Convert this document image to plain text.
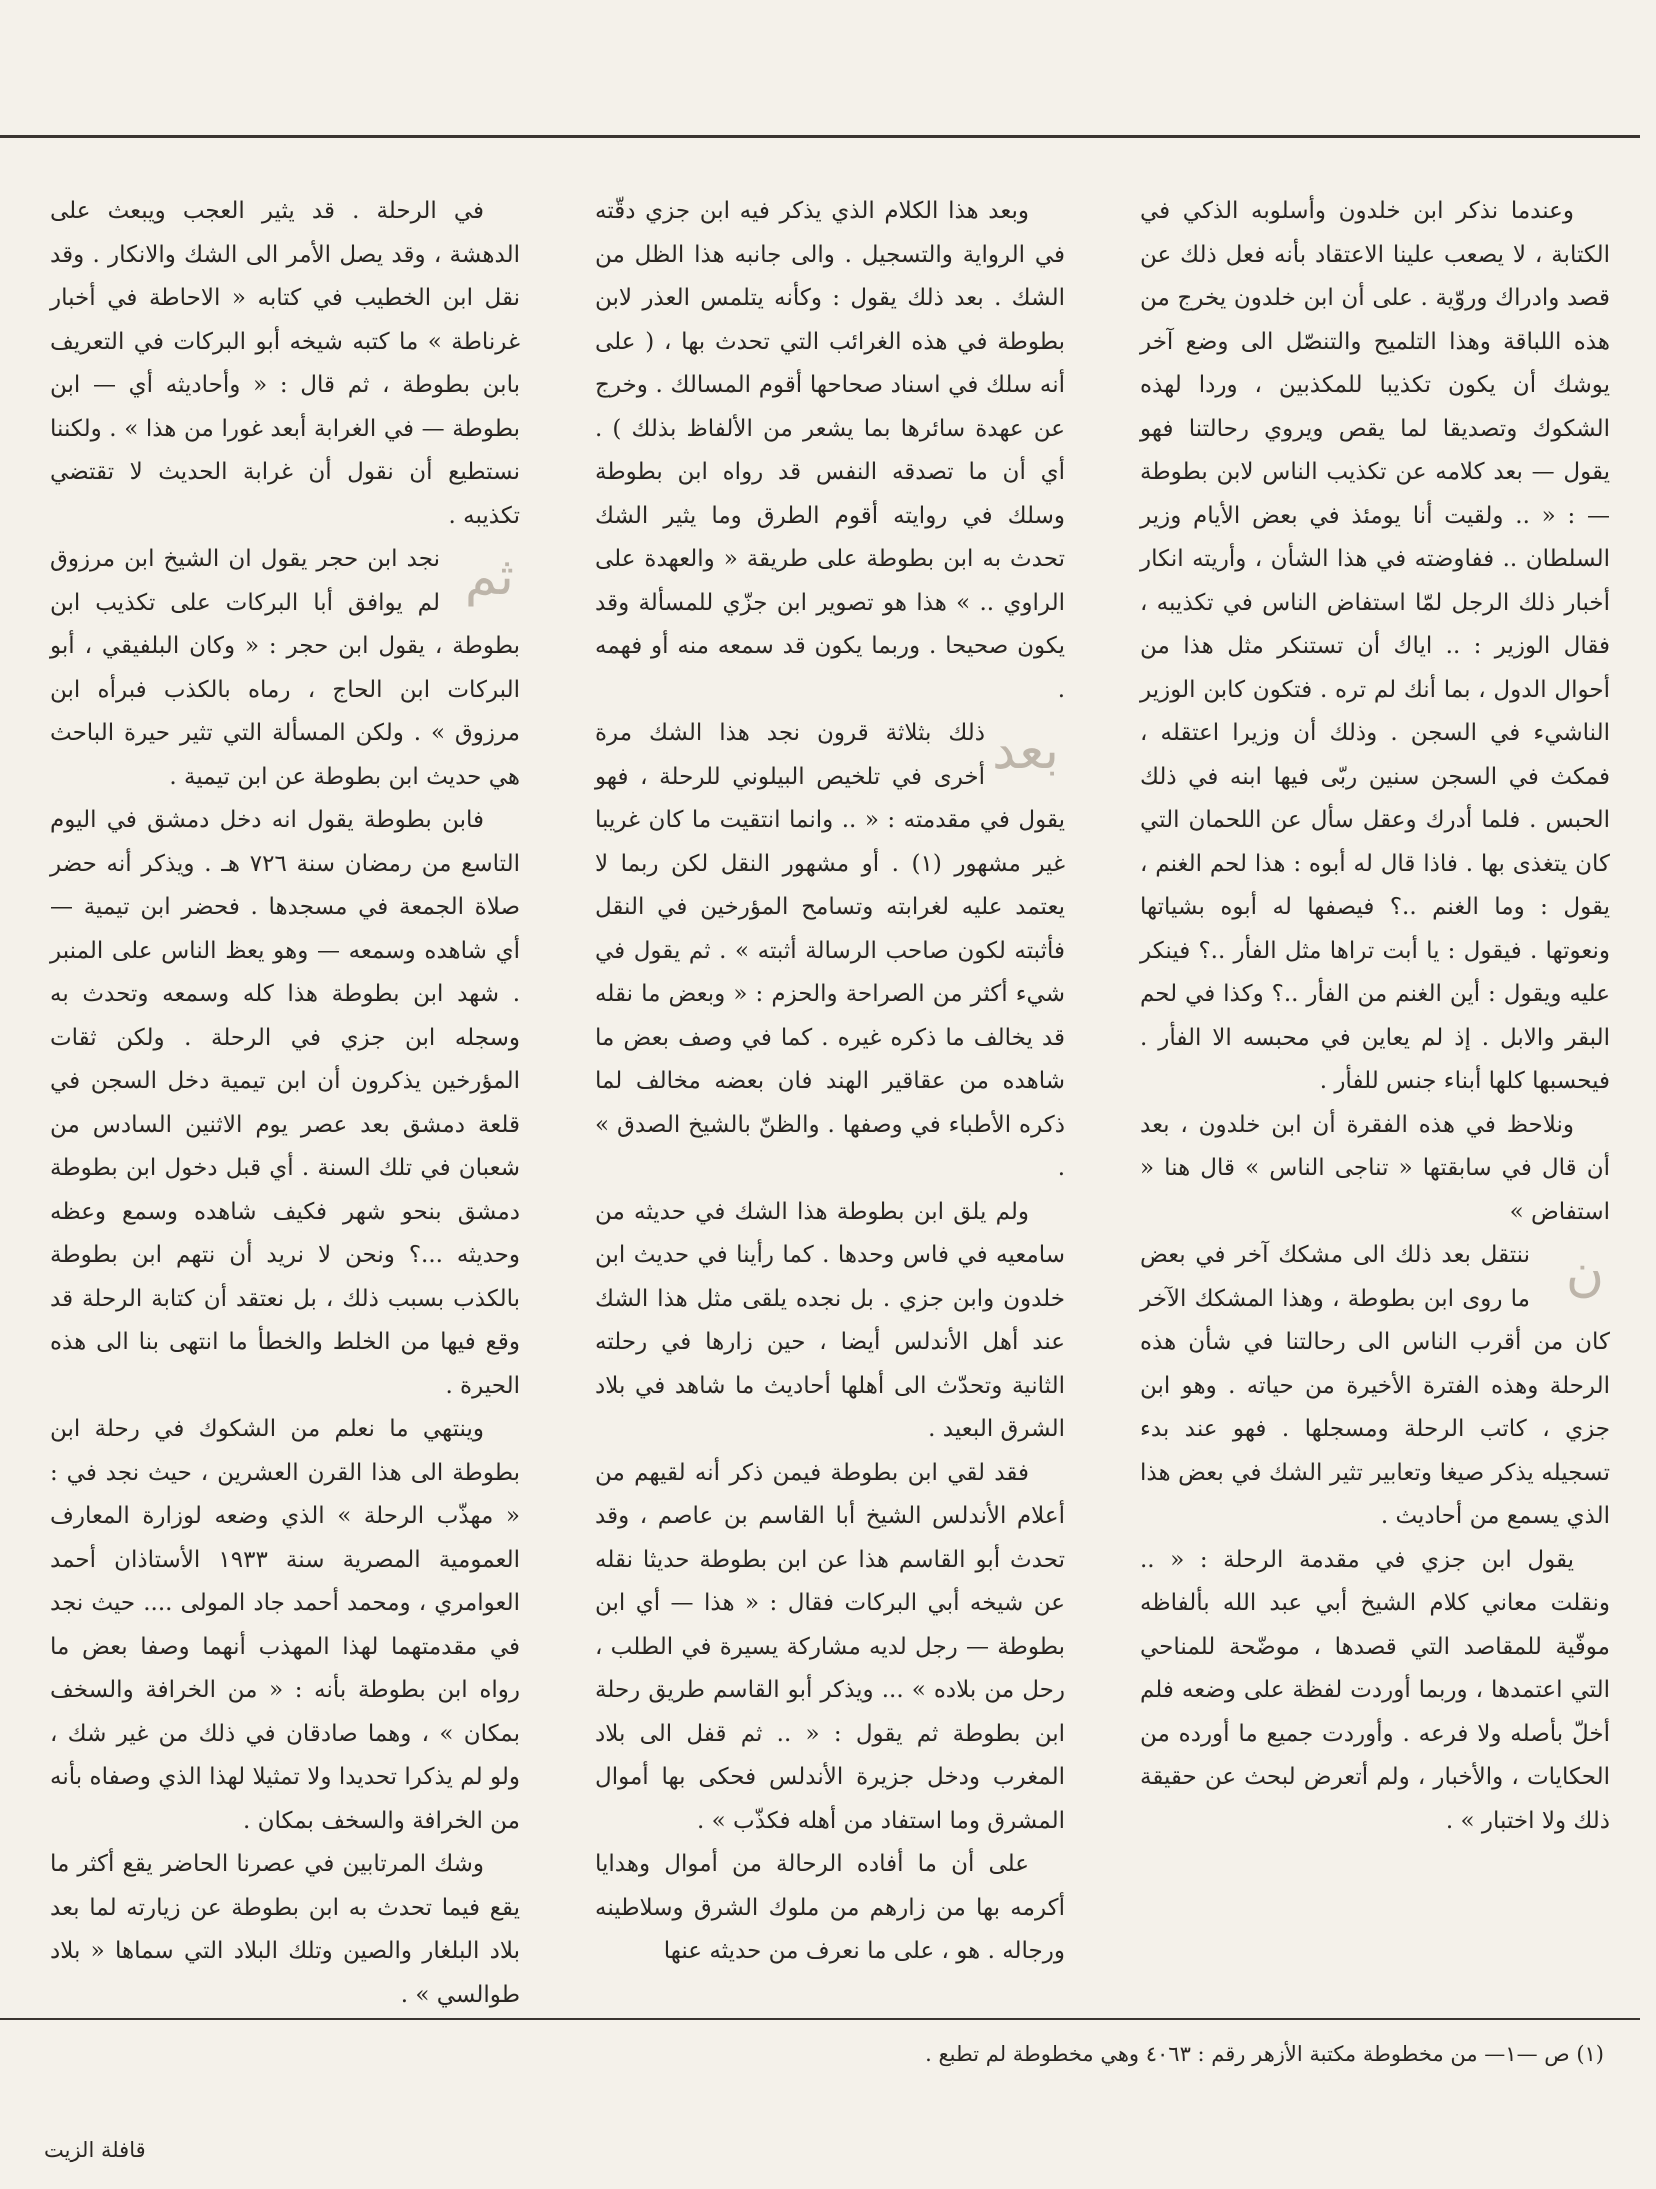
وعندما نذكر ابن خلدون وأسلوبه الذكي في الكتابة ، لا يصعب علينا الاعتقاد بأنه فعل ذلك عن قصد وادراك وروّية . على أن ابن خلدون يخرج من هذه اللباقة وهذا التلميح والتنصّل الى وضع آخر يوشك أن يكون تكذيبا للمكذبين ، وردا لهذه الشكوك وتصديقا لما يقص ويروي رحالتنا فهو يقول — بعد كلامه عن تكذيب الناس لابن بطوطة — : « .. ولقيت أنا يومئذ في بعض الأيام وزير السلطان .. ففاوضته في هذا الشأن ، وأريته انكار أخبار ذلك الرجل لمّا استفاض الناس في تكذيبه ، فقال الوزير : .. اياك أن تستنكر مثل هذا من أحوال الدول ، بما أنك لم تره . فتكون كابن الوزير الناشيء في السجن . وذلك أن وزيرا اعتقله ، فمكث في السجن سنين ربّى فيها ابنه في ذلك الحبس . فلما أدرك وعقل سأل عن اللحمان التي كان يتغذى بها . فاذا قال له أبوه : هذا لحم الغنم ، يقول : وما الغنم ..؟ فيصفها له أبوه بشياتها ونعوتها . فيقول : يا أبت تراها مثل الفأر ..؟ فينكر عليه ويقول : أين الغنم من الفأر ..؟ وكذا في لحم البقر والابل . إذ لم يعاين في محبسه الا الفأر . فيحسبها كلها أبناء جنس للفأر .

ونلاحظ في هذه الفقرة أن ابن خلدون ، بعد أن قال في سابقتها « تناجى الناس » قال هنا « استفاض »

ن
ننتقل بعد ذلك الى مشكك آخر في بعض ما روى ابن بطوطة ، وهذا المشكك الآخر كان من أقرب الناس الى رحالتنا في شأن هذه الرحلة وهذه الفترة الأخيرة من حياته . وهو ابن جزي ، كاتب الرحلة ومسجلها . فهو عند بدء تسجيله يذكر صيغا وتعابير تثير الشك في بعض هذا الذي يسمع من أحاديث .

يقول ابن جزي في مقدمة الرحلة : « .. ونقلت معاني كلام الشيخ أبي عبد الله بألفاظه موفّية للمقاصد التي قصدها ، موضّحة للمناحي التي اعتمدها ، وربما أوردت لفظة على وضعه فلم أخلّ بأصله ولا فرعه . وأوردت جميع ما أورده من الحكايات ، والأخبار ، ولم أتعرض لبحث عن حقيقة ذلك ولا اختبار » .

وبعد هذا الكلام الذي يذكر فيه ابن جزي دقّته في الرواية والتسجيل . والى جانبه هذا الظل من الشك . بعد ذلك يقول : وكأنه يتلمس العذر لابن بطوطة في هذه الغرائب التي تحدث بها ، ( على أنه سلك في اسناد صحاحها أقوم المسالك . وخرج عن عهدة سائرها بما يشعر من الألفاظ بذلك ) . أي أن ما تصدقه النفس قد رواه ابن بطوطة وسلك في روايته أقوم الطرق وما يثير الشك تحدث به ابن بطوطة على طريقة « والعهدة على الراوي .. » هذا هو تصوير ابن جزّي للمسألة وقد يكون صحيحا . وربما يكون قد سمعه منه أو فهمه .

بعد
ذلك بثلاثة قرون نجد هذا الشك مرة أخرى في تلخيص البيلوني للرحلة ، فهو يقول في مقدمته : « .. وانما انتقيت ما كان غريبا غير مشهور (١) . أو مشهور النقل لكن ربما لا يعتمد عليه لغرابته وتسامح المؤرخين في النقل فأثبته لكون صاحب الرسالة أثبته » . ثم يقول في شيء أكثر من الصراحة والحزم : « وبعض ما نقله قد يخالف ما ذكره غيره . كما في وصف بعض ما شاهده من عقاقير الهند فان بعضه مخالف لما ذكره الأطباء في وصفها . والظنّ بالشيخ الصدق » .

ولم يلق ابن بطوطة هذا الشك في حديثه من سامعيه في فاس وحدها . كما رأينا في حديث ابن خلدون وابن جزي . بل نجده يلقى مثل هذا الشك عند أهل الأندلس أيضا ، حين زارها في رحلته الثانية وتحدّث الى أهلها أحاديث ما شاهد في بلاد الشرق البعيد .

فقد لقي ابن بطوطة فيمن ذكر أنه لقيهم من أعلام الأندلس الشيخ أبا القاسم بن عاصم ، وقد تحدث أبو القاسم هذا عن ابن بطوطة حديثا نقله عن شيخه أبي البركات فقال : « هذا — أي ابن بطوطة — رجل لديه مشاركة يسيرة في الطلب ، رحل من بلاده » ... ويذكر أبو القاسم طريق رحلة ابن بطوطة ثم يقول : « .. ثم قفل الى بلاد المغرب ودخل جزيرة الأندلس فحكى بها أموال المشرق وما استفاد من أهله فكذّب » .

على أن ما أفاده الرحالة من أموال وهدايا أكرمه بها من زارهم من ملوك الشرق وسلاطينه ورجاله . هو ، على ما نعرف من حديثه عنها

في الرحلة . قد يثير العجب ويبعث على الدهشة ، وقد يصل الأمر الى الشك والانكار . وقد نقل ابن الخطيب في كتابه « الاحاطة في أخبار غرناطة » ما كتبه شيخه أبو البركات في التعريف بابن بطوطة ، ثم قال : « وأحاديثه أي — ابن بطوطة — في الغرابة أبعد غورا من هذا » . ولكننا نستطيع أن نقول أن غرابة الحديث لا تقتضي تكذيبه .

ثم
نجد ابن حجر يقول ان الشيخ ابن مرزوق لم يوافق أبا البركات على تكذيب ابن بطوطة ، يقول ابن حجر : « وكان البلفيقي ، أبو البركات ابن الحاج ، رماه بالكذب فبرأه ابن مرزوق » . ولكن المسألة التي تثير حيرة الباحث هي حديث ابن بطوطة عن ابن تيمية .

فابن بطوطة يقول انه دخل دمشق في اليوم التاسع من رمضان سنة ٧٢٦ هـ . ويذكر أنه حضر صلاة الجمعة في مسجدها . فحضر ابن تيمية — أي شاهده وسمعه — وهو يعظ الناس على المنبر . شهد ابن بطوطة هذا كله وسمعه وتحدث به وسجله ابن جزي في الرحلة . ولكن ثقات المؤرخين يذكرون أن ابن تيمية دخل السجن في قلعة دمشق بعد عصر يوم الاثنين السادس من شعبان في تلك السنة . أي قبل دخول ابن بطوطة دمشق بنحو شهر فكيف شاهده وسمع وعظه وحديثه ...؟ ونحن لا نريد أن نتهم ابن بطوطة بالكذب بسبب ذلك ، بل نعتقد أن كتابة الرحلة قد وقع فيها من الخلط والخطأ ما انتهى بنا الى هذه الحيرة .

وينتهي ما نعلم من الشكوك في رحلة ابن بطوطة الى هذا القرن العشرين ، حيث نجد في : « مهذّب الرحلة » الذي وضعه لوزارة المعارف العمومية المصرية سنة ١٩٣٣ الأستاذان أحمد العوامري ، ومحمد أحمد جاد المولى .... حيث نجد في مقدمتهما لهذا المهذب أنهما وصفا بعض ما رواه ابن بطوطة بأنه : « من الخرافة والسخف بمكان » ، وهما صادقان في ذلك من غير شك ، ولو لم يذكرا تحديدا ولا تمثيلا لهذا الذي وصفاه بأنه من الخرافة والسخف بمكان .

وشك المرتابين في عصرنا الحاضر يقع أكثر ما يقع فيما تحدث به ابن بطوطة عن زيارته لما بعد بلاد البلغار والصين وتلك البلاد التي سماها « بلاد طوالسي » .

(١) ص —١— من مخطوطة مكتبة الأزهر رقم : ٤٠٦٣ وهي مخطوطة لم تطبع .
قافلة الزيت
